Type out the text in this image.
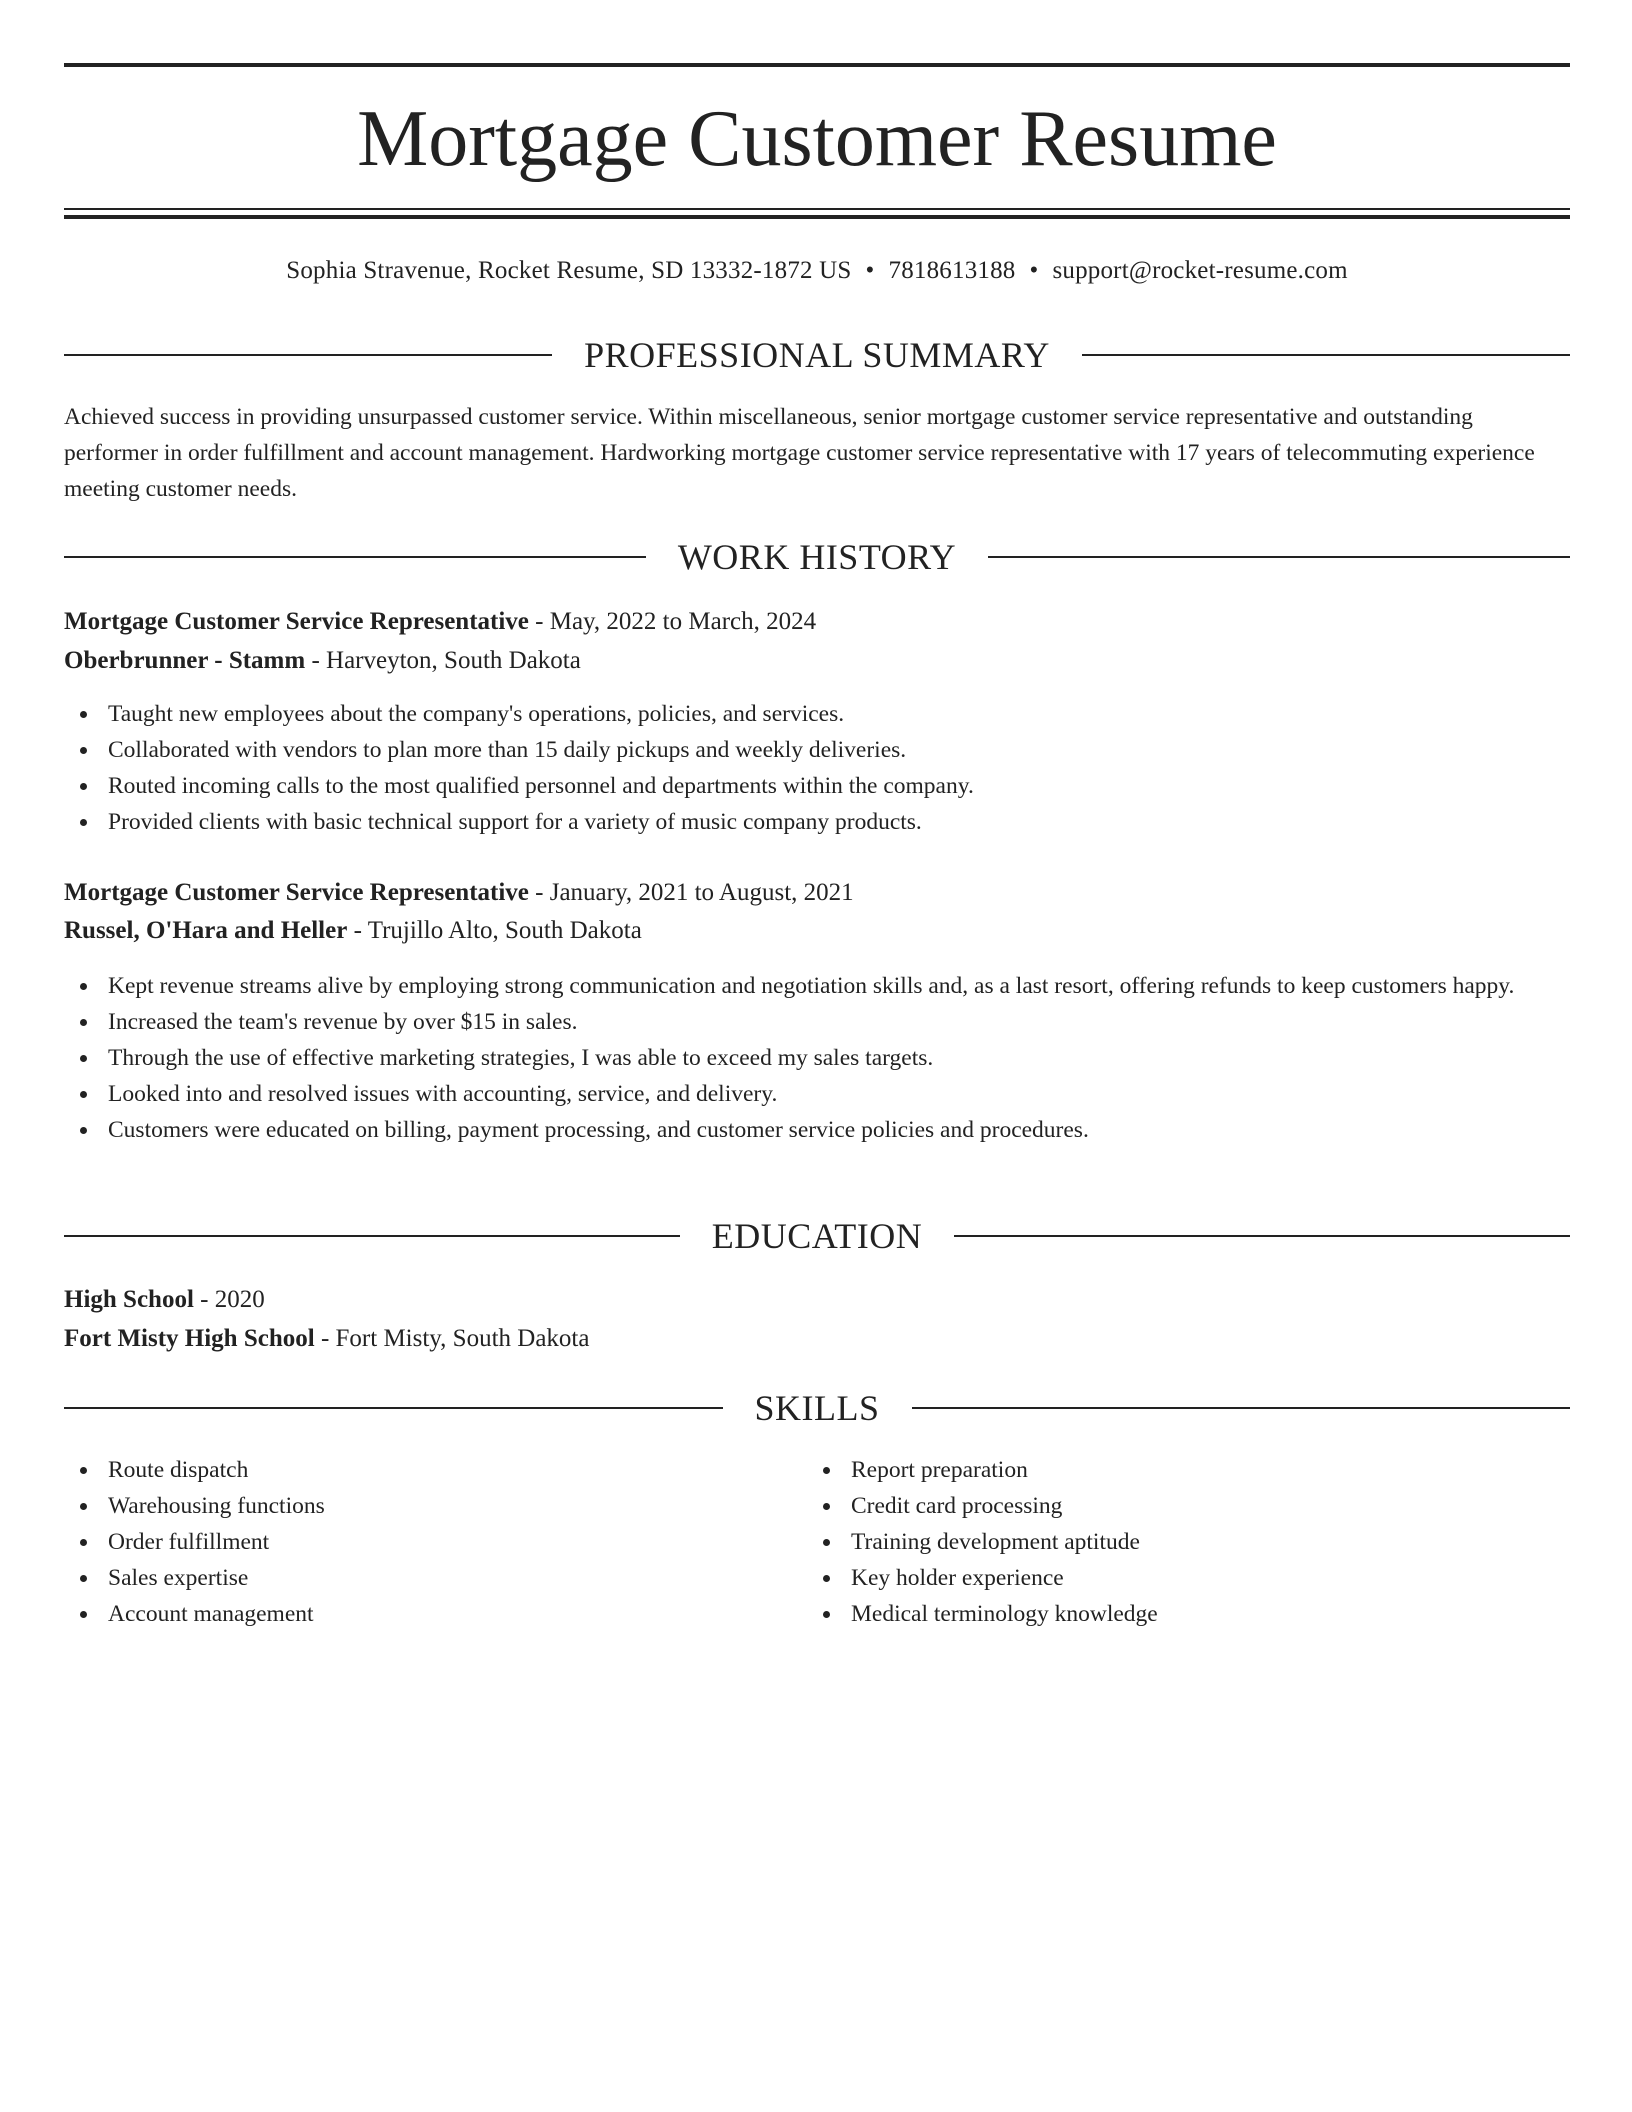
Mortgage Customer Resume
Sophia Stravenue, Rocket Resume, SD 13332-1872 US • 7818613188 • support@rocket-resume.com
PROFESSIONAL SUMMARY

Achieved success in providing unsurpassed customer service. Within miscellaneous, senior mortgage customer service representative and outstanding performer in order fulfillment and account management. Hardworking mortgage customer service representative with 17 years of telecommuting experience meeting customer needs.

WORK HISTORY
Mortgage Customer Service Representative - May, 2022 to March, 2024
Oberbrunner - Stamm - Harveyton, South Dakota
Taught new employees about the company's operations, policies, and services.
Collaborated with vendors to plan more than 15 daily pickups and weekly deliveries.
Routed incoming calls to the most qualified personnel and departments within the company.
Provided clients with basic technical support for a variety of music company products.
Mortgage Customer Service Representative - January, 2021 to August, 2021
Russel, O'Hara and Heller - Trujillo Alto, South Dakota
Kept revenue streams alive by employing strong communication and negotiation skills and, as a last resort, offering refunds to keep customers happy.
Increased the team's revenue by over $15 in sales.
Through the use of effective marketing strategies, I was able to exceed my sales targets.
Looked into and resolved issues with accounting, service, and delivery.
Customers were educated on billing, payment processing, and customer service policies and procedures.
EDUCATION
High School - 2020
Fort Misty High School - Fort Misty, South Dakota
SKILLS
Route dispatch
Warehousing functions
Order fulfillment
Sales expertise
Account management
Report preparation
Credit card processing
Training development aptitude
Key holder experience
Medical terminology knowledge
